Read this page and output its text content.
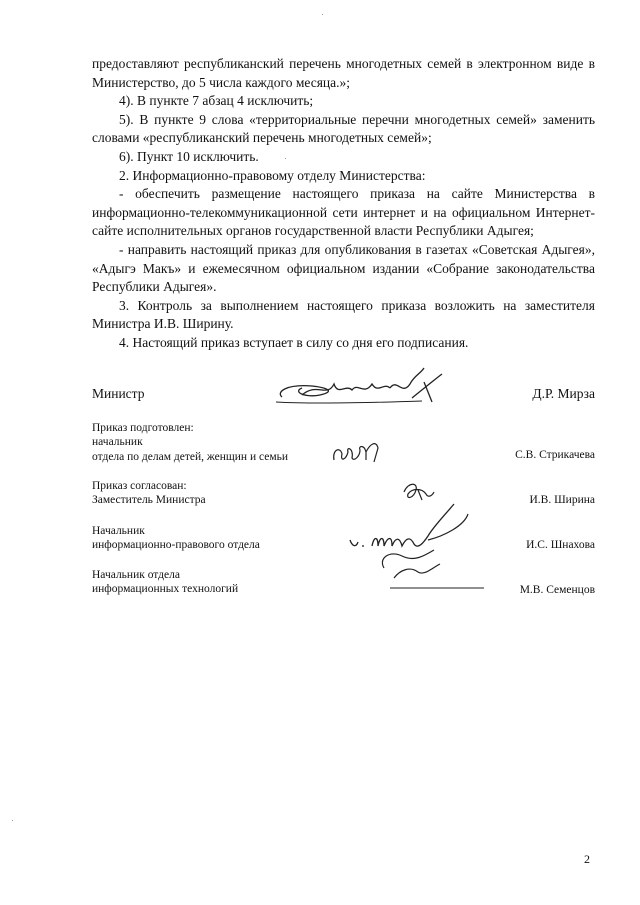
предоставляют республиканский перечень многодетных семей в электронном виде в Министерство, до 5 числа каждого месяца.»;

4). В пункте 7 абзац 4 исключить;

5). В пункте 9 слова «территориальные перечни многодетных семей» заменить словами «республиканский перечень многодетных семей»;

6). Пункт 10 исключить.

2. Информационно-правовому отделу Министерства:

- обеспечить размещение настоящего приказа на сайте Министерства в информационно-телекоммуникационной сети интернет и на официальном Интернет-сайте исполнительных органов государственной власти Республики Адыгея;

- направить настоящий приказ для опубликования в газетах «Советская Адыгея», «Адыгэ Макъ» и ежемесячном официальном издании «Собрание законодательства Республики Адыгея».

3. Контроль за выполнением настоящего приказа возложить на заместителя Министра И.В. Ширину.

4. Настоящий приказ вступает в силу со дня его подписания.

Министр	Д.Р. Мирза
Приказ подготовлен:
начальник
отдела по делам детей, женщин и семьи	С.В. Стрикачева
Приказ согласован:
Заместитель Министра	И.В. Ширина
Начальник
информационно-правового отдела	И.С. Шнахова
Начальник отдела
информационных технологий	М.В. Семенцов
2
